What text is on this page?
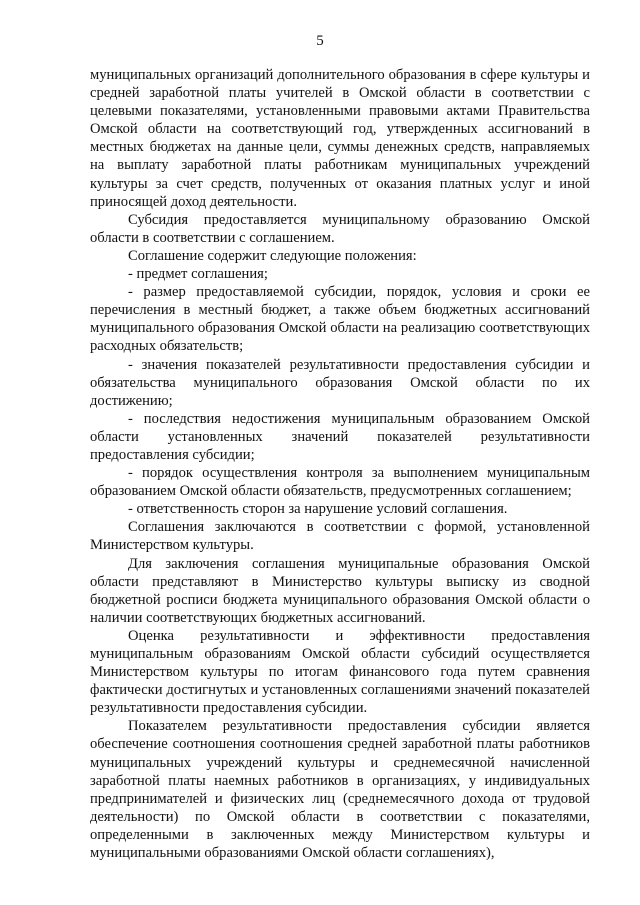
5

муниципальных организаций дополнительного образования в сфере культуры и средней заработной платы учителей в Омской области в соответствии с целевыми показателями, установленными правовыми актами Правительства Омской области на соответствующий год, утвержденных ассигнований в местных бюджетах на данные цели, суммы денежных средств, направляемых на выплату заработной платы работникам муниципальных учреждений культуры за счет средств, полученных от оказания платных услуг и иной приносящей доход деятельности.

Субсидия предоставляется муниципальному образованию Омской области в соответствии с соглашением.

Соглашение содержит следующие положения:

- предмет соглашения;

- размер предоставляемой субсидии, порядок, условия и сроки ее перечисления в местный бюджет, а также объем бюджетных ассигнований муниципального образования Омской области на реализацию соответствующих расходных обязательств;

- значения показателей результативности предоставления субсидии и обязательства муниципального образования Омской области по их достижению;

- последствия недостижения муниципальным образованием Омской области установленных значений показателей результативности предоставления субсидии;

- порядок осуществления контроля за выполнением муниципальным образованием Омской области обязательств, предусмотренных соглашением;

- ответственность сторон за нарушение условий соглашения.

Соглашения заключаются в соответствии с формой, установленной Министерством культуры.

Для заключения соглашения муниципальные образования Омской области представляют в Министерство культуры выписку из сводной бюджетной росписи бюджета муниципального образования Омской области о наличии соответствующих бюджетных ассигнований.

Оценка результативности и эффективности предоставления муниципальным образованиям Омской области субсидий осуществляется Министерством культуры по итогам финансового года путем сравнения фактически достигнутых и установленных соглашениями значений показателей результативности предоставления субсидии.

Показателем результативности предоставления субсидии является обеспечение соотношения соотношения средней заработной платы работников муниципальных учреждений культуры и среднемесячной начисленной заработной платы наемных работников в организациях, у индивидуальных предпринимателей и физических лиц (среднемесячного дохода от трудовой деятельности) по Омской области в соответствии с показателями, определенными в заключенных между Министерством культуры и муниципальными образованиями Омской области соглашениях),
